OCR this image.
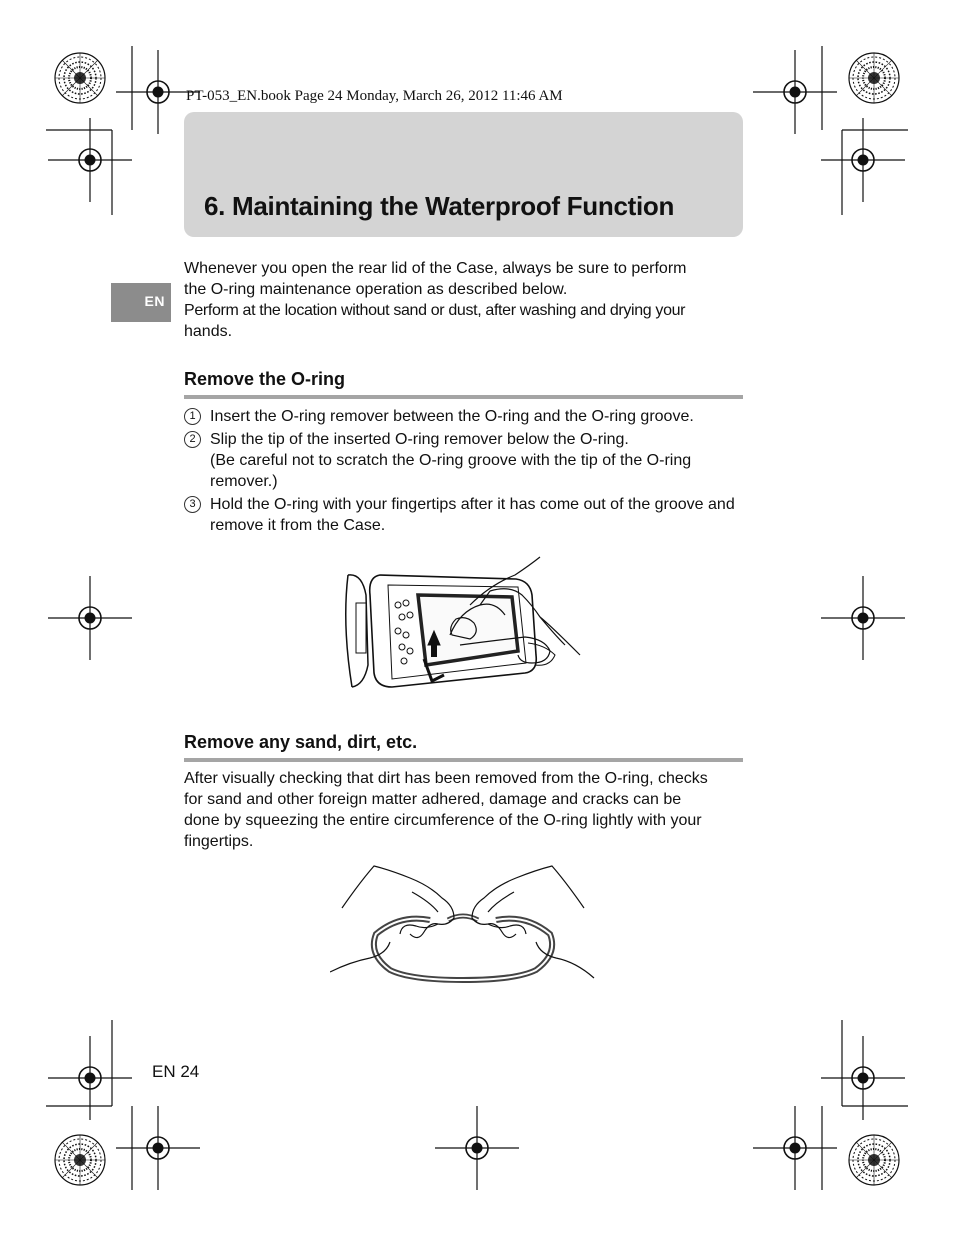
PT-053_EN.book Page 24 Monday, March 26, 2012 11:46 AM
6. Maintaining the Waterproof Function
EN
Whenever you open the rear lid of the Case, always be sure to perform
the O-ring maintenance operation as described below.
Perform at the location without sand or dust, after washing and drying your
hands.
Remove the O-ring
1 Insert the O-ring remover between the O-ring and the O-ring groove.
2 Slip the tip of the inserted O-ring remover below the O-ring.
(Be careful not to scratch the O-ring groove with the tip of the O-ring remover.)
3 Hold the O-ring with your fingertips after it has come out of the groove and remove it from the Case.
Remove any sand, dirt, etc.
After visually checking that dirt has been removed from the O-ring, checks
for sand and other foreign matter adhered, damage and cracks can be
done by squeezing the entire circumference of the O-ring lightly with your
fingertips.
EN 24
